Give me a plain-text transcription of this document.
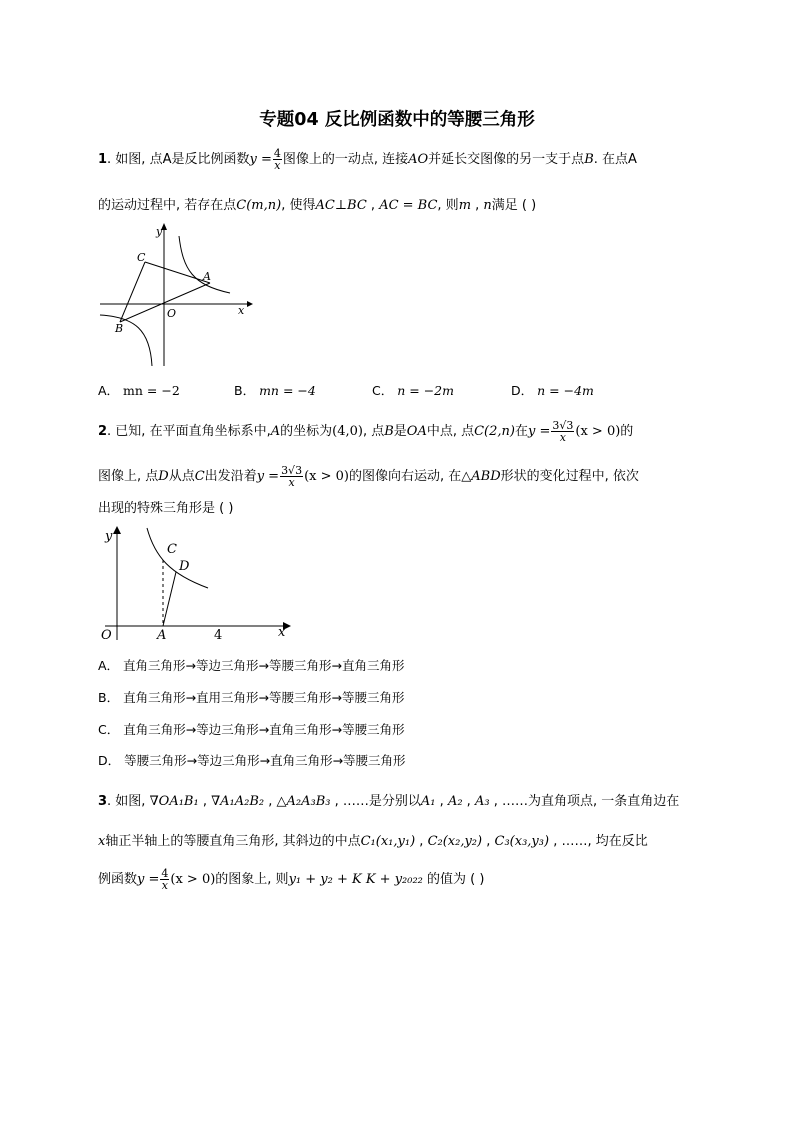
专题04 反比例函数中的等腰三角形
1. 如图, 点A是反比例函数$y = \frac{4}{x}$ 图像上的一动点, 连接AO并延长交图像的另一支于点B. 在点A
的运动过程中, 若存在点C(m,n), 使得AC⊥BC , AC = BC, 则m , n满足 ( )
y
x
O
C
A
B
A． mn = −2	B． mn = −4	C． n = −2m	D． n = −4m
2. 已知, 在平面直角坐标系中,A的坐标为(4,0), 点B是OA中点, 点C(2,n)在$y = \frac{3√3}{x} (x > 0)$的
图像上, 点D从点C出发沿着$y = \frac{3√3}{x} (x > 0)$的图像向右运动, 在△ABD形状的变化过程中, 依次
出现的特殊三角形是 ( )
y
x
O	A	4
C
D
A． 直角三角形→等边三角形→等腰三角形→直角三角形
B． 直角三角形→直用三角形→等腰三角形→等腰三角形
C． 直角三角形→等边三角形→直角三角形→等腰三角形
D． 等腰三角形→等边三角形→直角三角形→等腰三角形
3. 如图, ∇OA₁B₁ , ∇A₁A₂B₂ , △A₂A₃B₃ , ……是分别以A₁ , A₂ , A₃ , ……为直角项点, 一条直角边在
x轴正半轴上的等腰直角三角形, 其斜边的中点C₁(x₁,y₁) , C₂(x₂,y₂) , C₃(x₃,y₃) , ……, 均在反比
例函数$y = \frac{4}{x} (x > 0)$的图象上, 则y₁ + y₂ + K K + y₂₀₂₂ 的值为 ( )
